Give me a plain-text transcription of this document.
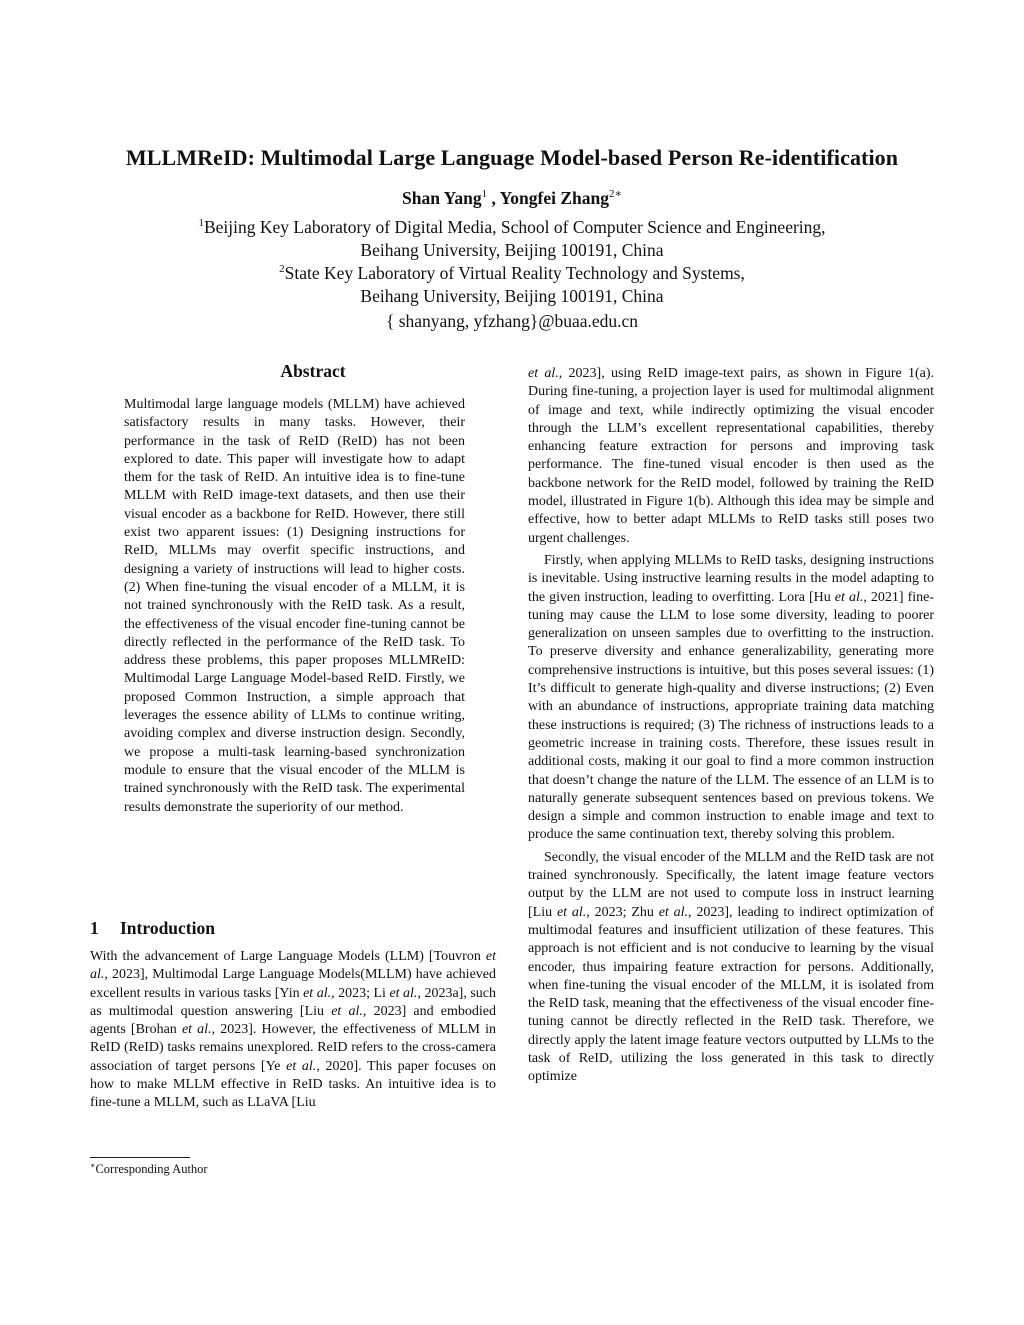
MLLMReID: Multimodal Large Language Model-based Person Re-identification
Shan Yang$^1$ , Yongfei Zhang$^{2∗}$
$^1$Beijing Key Laboratory of Digital Media, School of Computer Science and Engineering,
Beihang University, Beijing 100191, China
$^2$State Key Laboratory of Virtual Reality Technology and Systems,
Beihang University, Beijing 100191, China
{ shanyang, yfzhang}@buaa.edu.cn
Abstract

Multimodal large language models (MLLM) have achieved satisfactory results in many tasks. However, their performance in the task of ReID (ReID) has not been explored to date. This paper will investigate how to adapt them for the task of ReID. An intuitive idea is to fine-tune MLLM with ReID image-text datasets, and then use their visual encoder as a backbone for ReID. However, there still exist two apparent issues: (1) Designing instructions for ReID, MLLMs may overfit specific instructions, and designing a variety of instructions will lead to higher costs. (2) When fine-tuning the visual encoder of a MLLM, it is not trained synchronously with the ReID task. As a result, the effectiveness of the visual encoder fine-tuning cannot be directly reflected in the performance of the ReID task. To address these problems, this paper proposes MLLMReID: Multimodal Large Language Model-based ReID. Firstly, we proposed Common Instruction, a simple approach that leverages the essence ability of LLMs to continue writing, avoiding complex and diverse instruction design. Secondly, we propose a multi-task learning-based synchronization module to ensure that the visual encoder of the MLLM is trained synchronously with the ReID task. The experimental results demonstrate the superiority of our method.

1 Introduction

With the advancement of Large Language Models (LLM) [Touvron et al., 2023], Multimodal Large Language Models(MLLM) have achieved excellent results in various tasks [Yin et al., 2023; Li et al., 2023a], such as multimodal question answering [Liu et al., 2023] and embodied agents [Brohan et al., 2023]. However, the effectiveness of MLLM in ReID (ReID) tasks remains unexplored. ReID refers to the cross-camera association of target persons [Ye et al., 2020]. This paper focuses on how to make MLLM effective in ReID tasks. An intuitive idea is to fine-tune a MLLM, such as LLaVA [Liu

∗Corresponding Author

et al., 2023], using ReID image-text pairs, as shown in Figure 1(a). During fine-tuning, a projection layer is used for multimodal alignment of image and text, while indirectly optimizing the visual encoder through the LLM’s excellent representational capabilities, thereby enhancing feature extraction for persons and improving task performance. The fine-tuned visual encoder is then used as the backbone network for the ReID model, followed by training the ReID model, illustrated in Figure 1(b). Although this idea may be simple and effective, how to better adapt MLLMs to ReID tasks still poses two urgent challenges.

Firstly, when applying MLLMs to ReID tasks, designing instructions is inevitable. Using instructive learning results in the model adapting to the given instruction, leading to overfitting. Lora [Hu et al., 2021] fine-tuning may cause the LLM to lose some diversity, leading to poorer generalization on unseen samples due to overfitting to the instruction. To preserve diversity and enhance generalizability, generating more comprehensive instructions is intuitive, but this poses several issues: (1) It’s difficult to generate high-quality and diverse instructions; (2) Even with an abundance of instructions, appropriate training data matching these instructions is required; (3) The richness of instructions leads to a geometric increase in training costs. Therefore, these issues result in additional costs, making it our goal to find a more common instruction that doesn’t change the nature of the LLM. The essence of an LLM is to naturally generate subsequent sentences based on previous tokens. We design a simple and common instruction to enable image and text to produce the same continuation text, thereby solving this problem.

Secondly, the visual encoder of the MLLM and the ReID task are not trained synchronously. Specifically, the latent image feature vectors output by the LLM are not used to compute loss in instruct learning [Liu et al., 2023; Zhu et al., 2023], leading to indirect optimization of multimodal features and insufficient utilization of these features. This approach is not efficient and is not conducive to learning by the visual encoder, thus impairing feature extraction for persons. Additionally, when fine-tuning the visual encoder of the MLLM, it is isolated from the ReID task, meaning that the effectiveness of the visual encoder fine-tuning cannot be directly reflected in the ReID task. Therefore, we directly apply the latent image feature vectors outputted by LLMs to the task of ReID, utilizing the loss generated in this task to directly optimize
